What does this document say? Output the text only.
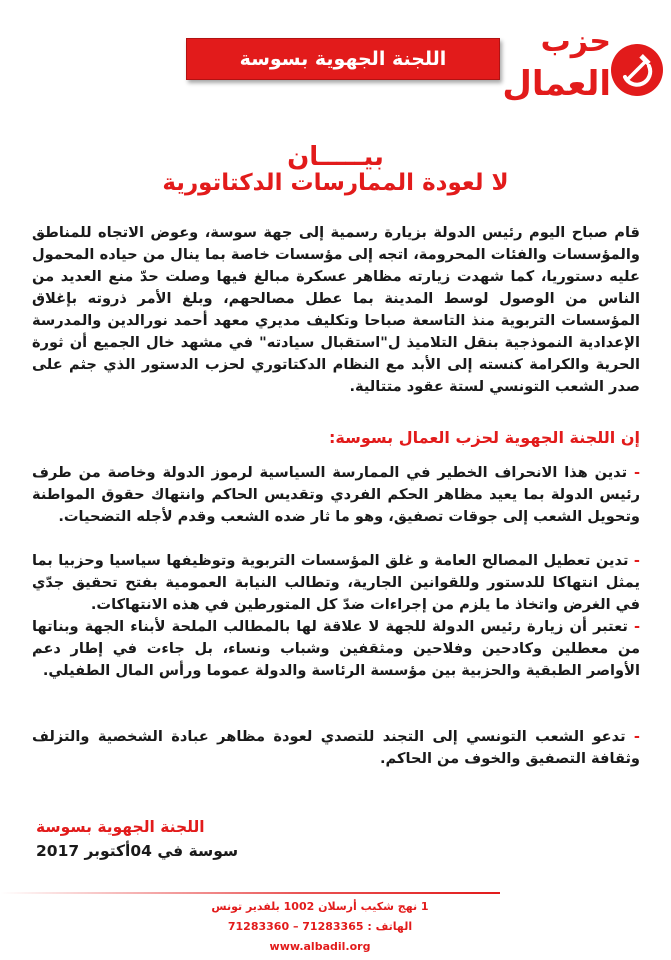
اللجنة الجهوية بسوسة	حزب
العمال
بيـــــان
لا لعودة الممارسات الدكتاتورية

قام صباح اليوم رئيس الدولة بزيارة رسمية إلى جهة سوسة، وعوض الاتجاه للمناطق والمؤسسات والفئات المحرومة، اتجه إلى مؤسسات خاصة بما ينال من حياده المحمول عليه دستوريا، كما شهدت زيارته مظاهر عسكرة مبالغ فيها وصلت حدّ منع العديد من الناس من الوصول لوسط المدينة بما عطل مصالحهم، وبلغ الأمر ذروته بإغلاق المؤسسات التربوية منذ التاسعة صباحا وتكليف مديري معهد أحمد نورالدين والمدرسة الإعدادية النموذجية بنقل التلاميذ ل"استقبال سيادته" في مشهد خال الجميع أن ثورة الحرية والكرامة كنسته إلى الأبد مع النظام الدكتاتوري لحزب الدستور الذي جثم على صدر الشعب التونسي لستة عقود متتالية.

إن اللجنة الجهوية لحزب العمال بسوسة:

- تدين هذا الانحراف الخطير في الممارسة السياسية لرموز الدولة وخاصة من طرف رئيس الدولة بما يعيد مظاهر الحكم الفردي وتقديس الحاكم وانتهاك حقوق المواطنة وتحويل الشعب إلى جوقات تصفيق، وهو ما ثار ضده الشعب وقدم لأجله التضحيات.

- تدين تعطيل المصالح العامة و غلق المؤسسات التربوية وتوظيفها سياسيا وحزبيا بما يمثل انتهاكا للدستور وللقوانين الجارية، وتطالب النيابة العمومية بفتح تحقيق جدّي في الغرض واتخاذ ما يلزم من إجراءات ضدّ كل المتورطين في هذه الانتهاكات.

- تعتبر أن زيارة رئيس الدولة للجهة لا علاقة لها بالمطالب الملحة لأبناء الجهة وبناتها من معطلين وكادحين وفلاحين ومثقفين وشباب ونساء، بل جاءت في إطار دعم الأواصر الطبقية والحزبية بين مؤسسة الرئاسة والدولة عموما ورأس المال الطفيلي.

- تدعو الشعب التونسي إلى التجند للتصدي لعودة مظاهر عبادة الشخصية والتزلف وثقافة التصفيق والخوف من الحاكم.

اللجنة الجهوية بسوسة
سوسة في 04أكتوبر 2017
1 نهج شكيب أرسلان 1002 بلفدير تونس
الهاتف : 71283365 – 71283360
www.albadil.org
